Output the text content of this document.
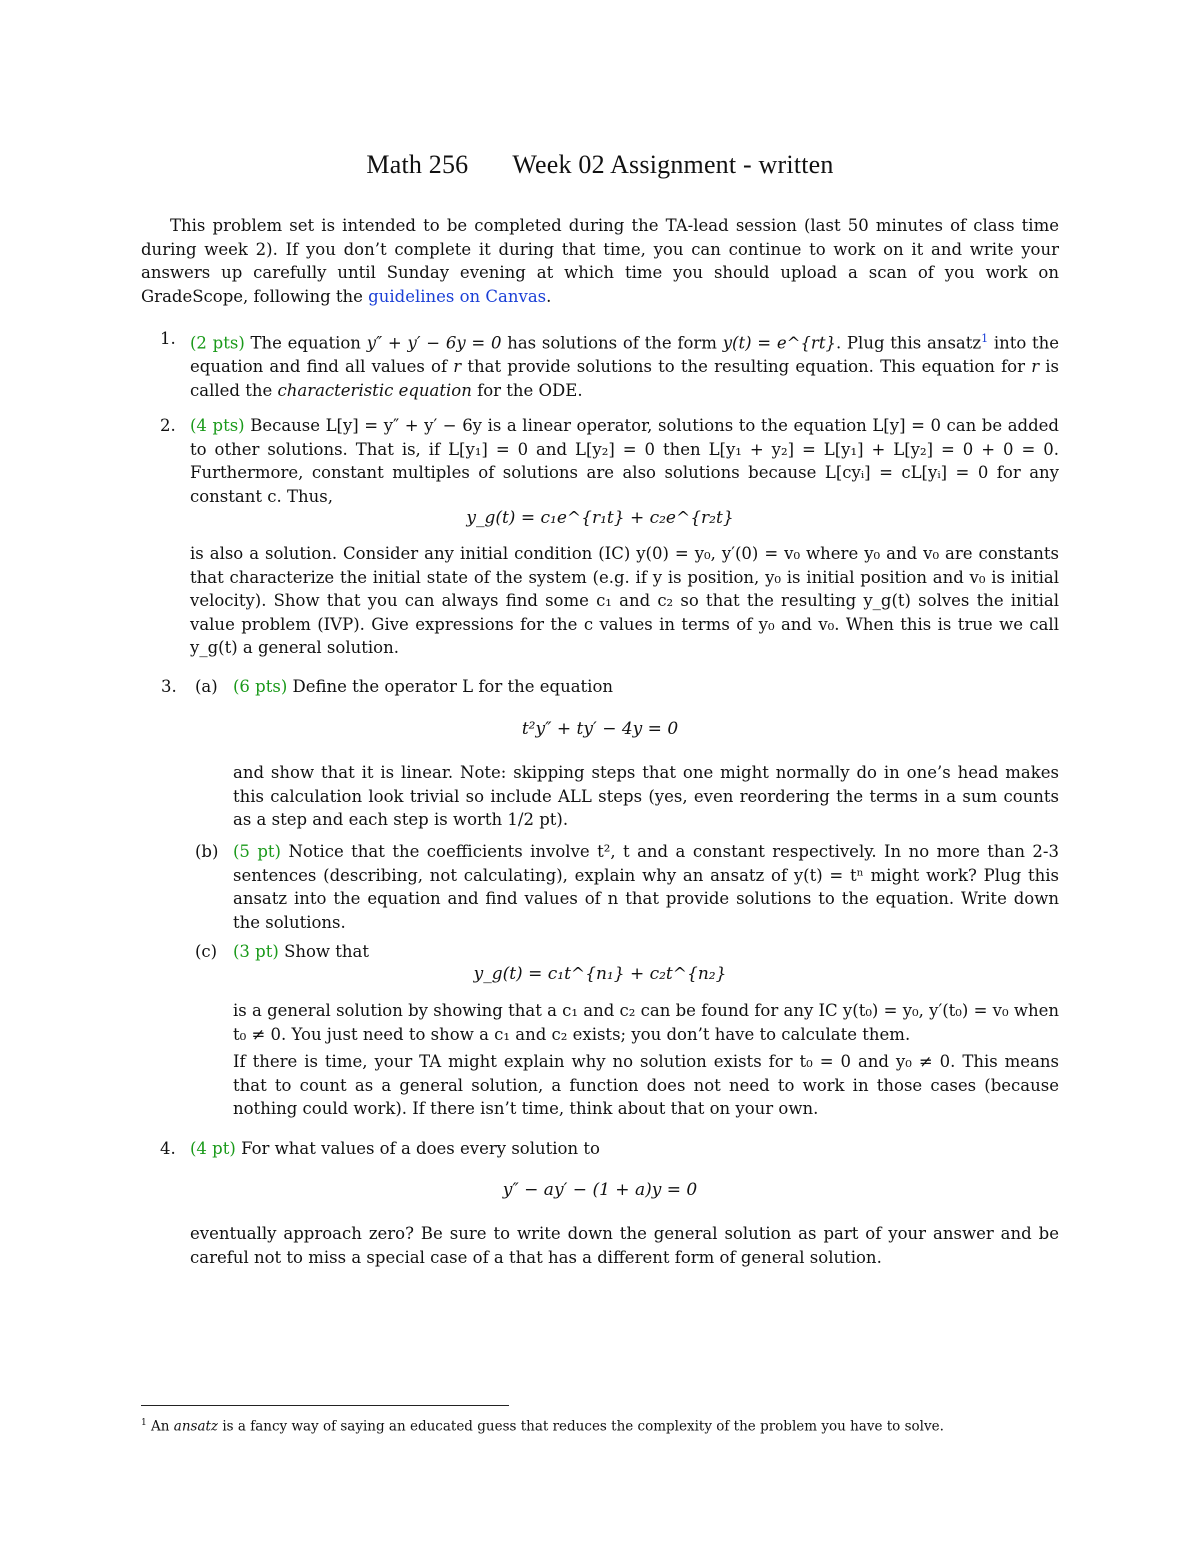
Math 256 Week 02 Assignment - written
This problem set is intended to be completed during the TA-lead session (last 50 minutes of class time during week 2). If you don’t complete it during that time, you can continue to work on it and write your answers up carefully until Sunday evening at which time you should upload a scan of you work on GradeScope, following the guidelines on Canvas.
1. (2 pts) The equation y″ + y′ − 6y = 0 has solutions of the form y(t) = e^{rt}. Plug this ansatz$^1$ into the equation and find all values of r that provide solutions to the resulting equation. This equation for r is called the characteristic equation for the ODE.
2. (4 pts) Because L[y] = y″ + y′ − 6y is a linear operator, solutions to the equation L[y] = 0 can be added to other solutions. That is, if L[y₁] = 0 and L[y₂] = 0 then L[y₁ + y₂] = L[y₁] + L[y₂] = 0 + 0 = 0. Furthermore, constant multiples of solutions are also solutions because L[cyᵢ] = cL[yᵢ] = 0 for any constant c. Thus,
y_g(t) = c₁e^{r₁t} + c₂e^{r₂t}
is also a solution. Consider any initial condition (IC) y(0) = y₀, y′(0) = v₀ where y₀ and v₀ are constants that characterize the initial state of the system (e.g. if y is position, y₀ is initial position and v₀ is initial velocity). Show that you can always find some c₁ and c₂ so that the resulting y_g(t) solves the initial value problem (IVP). Give expressions for the c values in terms of y₀ and v₀. When this is true we call y_g(t) a general solution.
3. (a) (6 pts) Define the operator L for the equation
t²y″ + ty′ − 4y = 0
and show that it is linear. Note: skipping steps that one might normally do in one’s head makes this calculation look trivial so include ALL steps (yes, even reordering the terms in a sum counts as a step and each step is worth 1/2 pt).
(b) (5 pt) Notice that the coefficients involve t², t and a constant respectively. In no more than 2-3 sentences (describing, not calculating), explain why an ansatz of y(t) = tⁿ might work? Plug this ansatz into the equation and find values of n that provide solutions to the equation. Write down the solutions.
(c) (3 pt) Show that
y_g(t) = c₁t^{n₁} + c₂t^{n₂}
is a general solution by showing that a c₁ and c₂ can be found for any IC y(t₀) = y₀, y′(t₀) = v₀ when t₀ ≠ 0. You just need to show a c₁ and c₂ exists; you don’t have to calculate them.
If there is time, your TA might explain why no solution exists for t₀ = 0 and y₀ ≠ 0. This means that to count as a general solution, a function does not need to work in those cases (because nothing could work). If there isn’t time, think about that on your own.
4. (4 pt) For what values of a does every solution to
y″ − ay′ − (1 + a)y = 0
eventually approach zero? Be sure to write down the general solution as part of your answer and be careful not to miss a special case of a that has a different form of general solution.
$^1$ An ansatz is a fancy way of saying an educated guess that reduces the complexity of the problem you have to solve.
